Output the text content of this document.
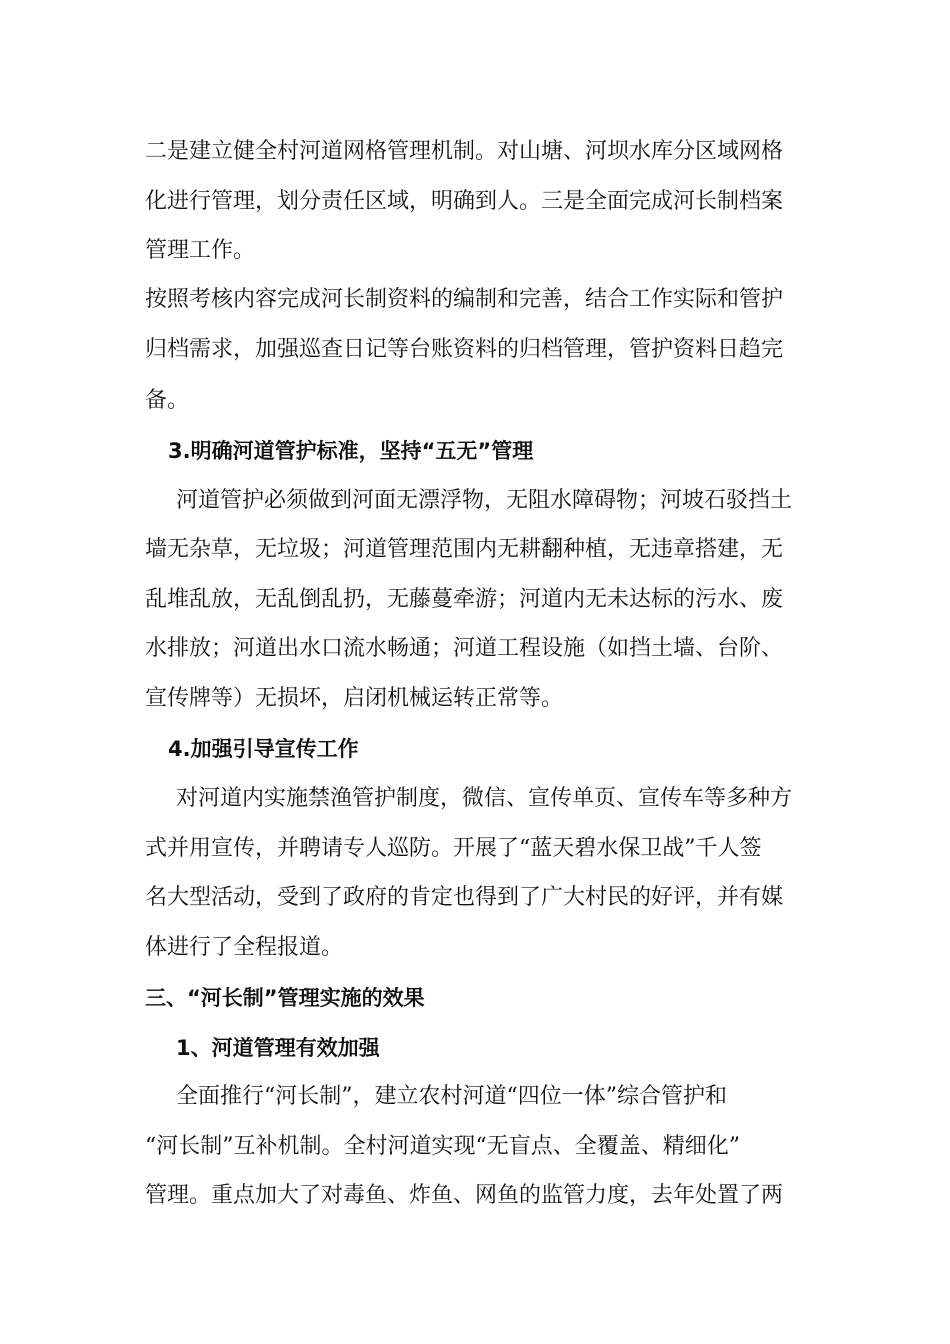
二是建立健全村河道网格管理机制。对山塘、河坝水库分区域网格

化进行管理，划分责任区域，明确到人。三是全面完成河长制档案

管理工作。

按照考核内容完成河长制资料的编制和完善，结合工作实际和管护

归档需求，加强巡查日记等台账资料的归档管理，管护资料日趋完

备。

3.明确河道管护标准，坚持“五无”管理

河道管护必须做到河面无漂浮物，无阻水障碍物；河坡石驳挡土

墙无杂草，无垃圾；河道管理范围内无耕翻种植，无违章搭建，无

乱堆乱放，无乱倒乱扔，无藤蔓牵游；河道内无未达标的污水、废

水排放；河道出水口流水畅通；河道工程设施（如挡土墙、台阶、

宣传牌等）无损坏，启闭机械运转正常等。

4.加强引导宣传工作

对河道内实施禁渔管护制度，微信、宣传单页、宣传车等多种方

式并用宣传，并聘请专人巡防。开展了“蓝天碧水保卫战”千人签

名大型活动，受到了政府的肯定也得到了广大村民的好评，并有媒

体进行了全程报道。

三、“河长制”管理实施的效果

1、河道管理有效加强

全面推行“河长制”，建立农村河道“四位一体”综合管护和

“河长制”互补机制。全村河道实现“无盲点、全覆盖、精细化”

管理。重点加大了对毒鱼、炸鱼、网鱼的监管力度，去年处置了两
